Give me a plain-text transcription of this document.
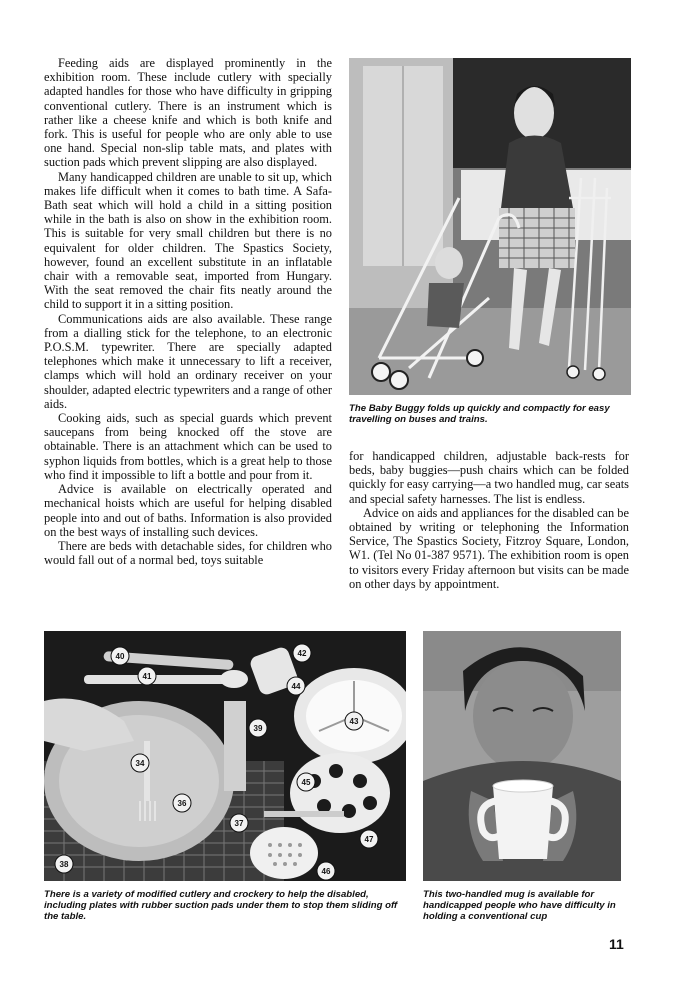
Feeding aids are displayed prominently in the exhibition room. These include cutlery with specially adapted handles for those who have difficulty in gripping conventional cutlery. There is an instrument which is rather like a cheese knife and which is both knife and fork. This is useful for people who are only able to use one hand. Special non-slip table mats, and plates with suction pads which prevent slipping are also displayed.

Many handicapped children are unable to sit up, which makes life difficult when it comes to bath time. A Safa-Bath seat which will hold a child in a sitting position while in the bath is also on show in the exhibition room. This is suitable for very small children but there is no equivalent for older children. The Spastics Society, however, found an excellent substitute in an inflatable chair with a removable seat, imported from Hungary. With the seat removed the chair fits neatly around the child to support it in a sitting position.

Communications aids are also available. These range from a dialling stick for the telephone, to an electronic P.O.S.M. typewriter. There are specially adapted telephones which make it unnecessary to lift a receiver, clamps which will hold an ordinary receiver on your shoulder, adapted electric typewriters and a range of other aids.

Cooking aids, such as special guards which prevent saucepans from being knocked off the stove are obtainable. There is an attachment which can be used to syphon liquids from bottles, which is a great help to those who find it impossible to lift a bottle and pour from it.

Advice is available on electrically operated and mechanical hoists which are useful for helping disabled people into and out of baths. Information is also provided on the best ways of installing such devices.

There are beds with detachable sides, for children who would fall out of a normal bed, toys suitable

The Baby Buggy folds up quickly and compactly for easy travelling on buses and trains.

for handicapped children, adjustable back-rests for beds, baby buggies—push chairs which can be folded quickly for easy carrying—a two handled mug, car seats and special safety harnesses. The list is endless.

Advice on aids and appliances for the disabled can be obtained by writing or telephoning the Information Service, The Spastics Society, Fitzroy Square, London, W1. (Tel No 01-387 9571). The exhibition room is open to visitors every Friday afternoon but visits can be made on other days by appointment.

40
41
42
44
39
43
34
36
45
37
47
38
46
There is a variety of modified cutlery and crockery to help the disabled, including plates with rubber suction pads under them to stop them sliding off the table.
This two-handled mug is available for handicapped people who have difficulty in holding a conventional cup
11
